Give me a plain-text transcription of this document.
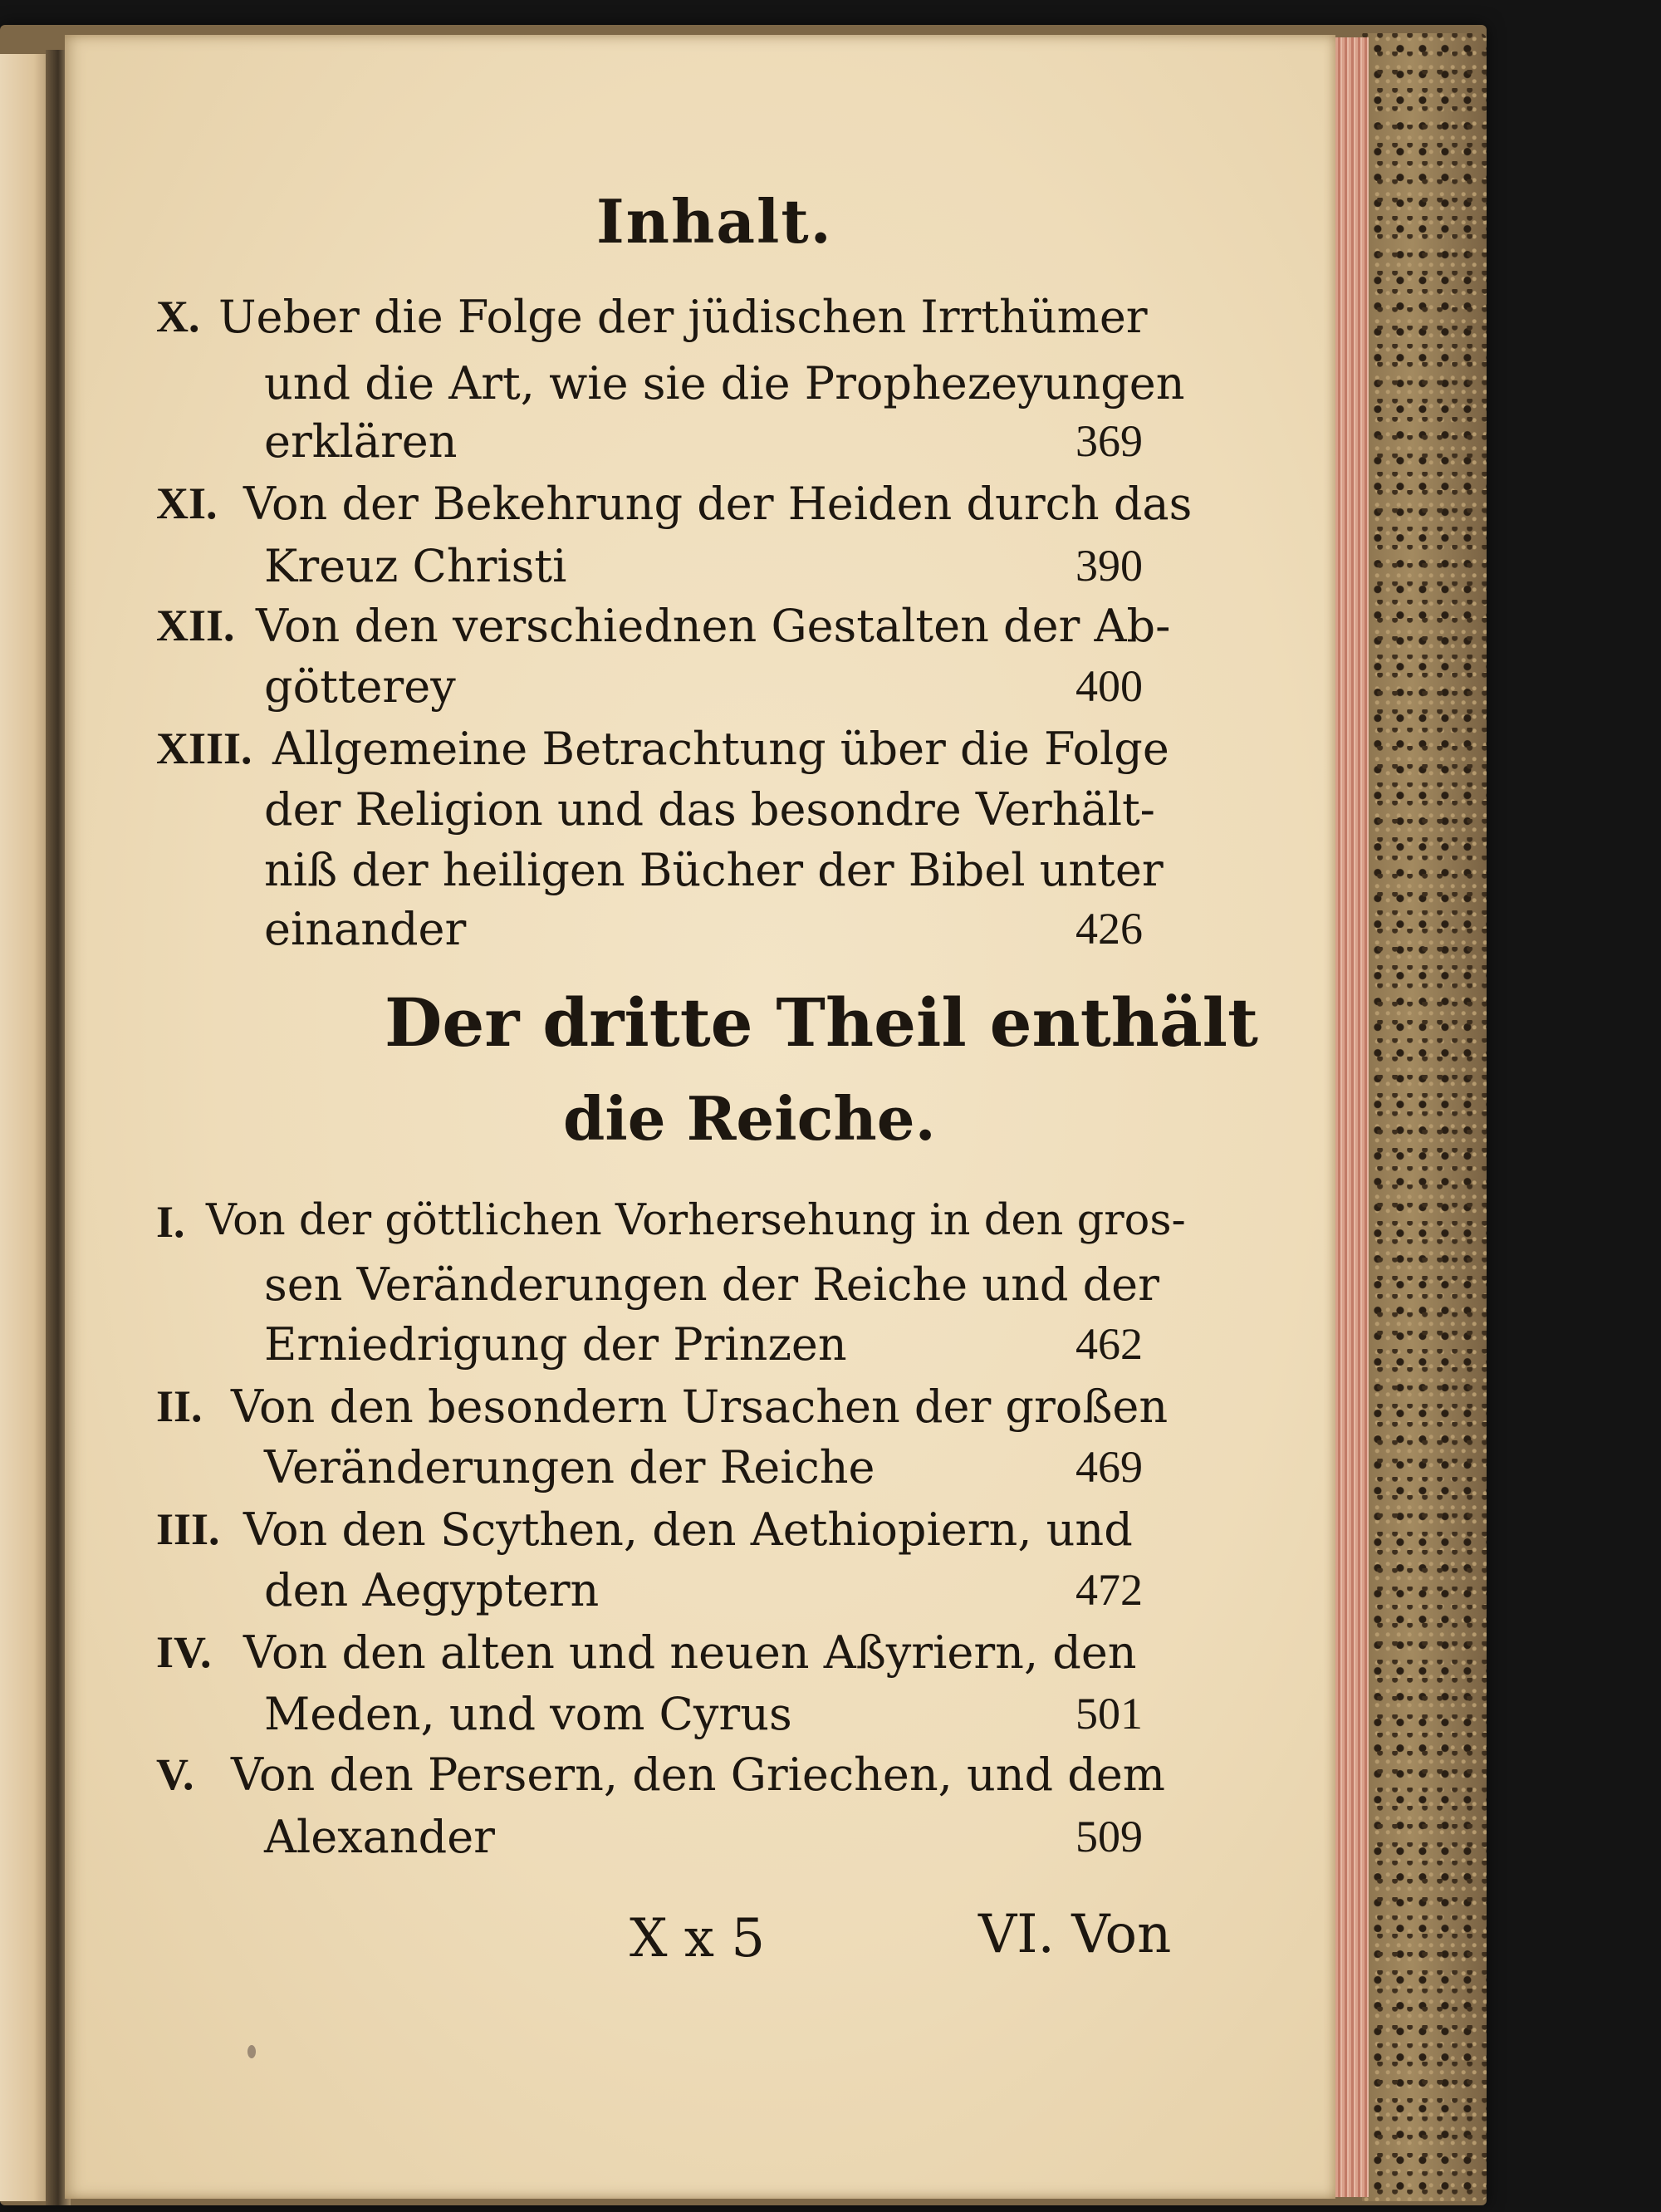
Inhalt.
X. Ueber die Folge der jüdischen Irrthümer
und die Art, wie sie die Prophezeyungen
erklären	369
XI. Von der Bekehrung der Heiden durch das
Kreuz Christi	390
XII. Von den verschiednen Gestalten der Ab-
götterey	400
XIII. Allgemeine Betrachtung über die Folge
der Religion und das besondre Verhält-
niß der heiligen Bücher der Bibel unter
einander	426
Der dritte Theil enthält
die Reiche.
I. Von der göttlichen Vorhersehung in den gros-
sen Veränderungen der Reiche und der
Erniedrigung der Prinzen	462
II. Von den besondern Ursachen der großen
Veränderungen der Reiche	469
III. Von den Scythen, den Aethiopiern, und
den Aegyptern	472
IV. Von den alten und neuen Aßyriern, den
Meden, und vom Cyrus	501
V. Von den Persern, den Griechen, und dem
Alexander	509
X x 5	VI. Von
